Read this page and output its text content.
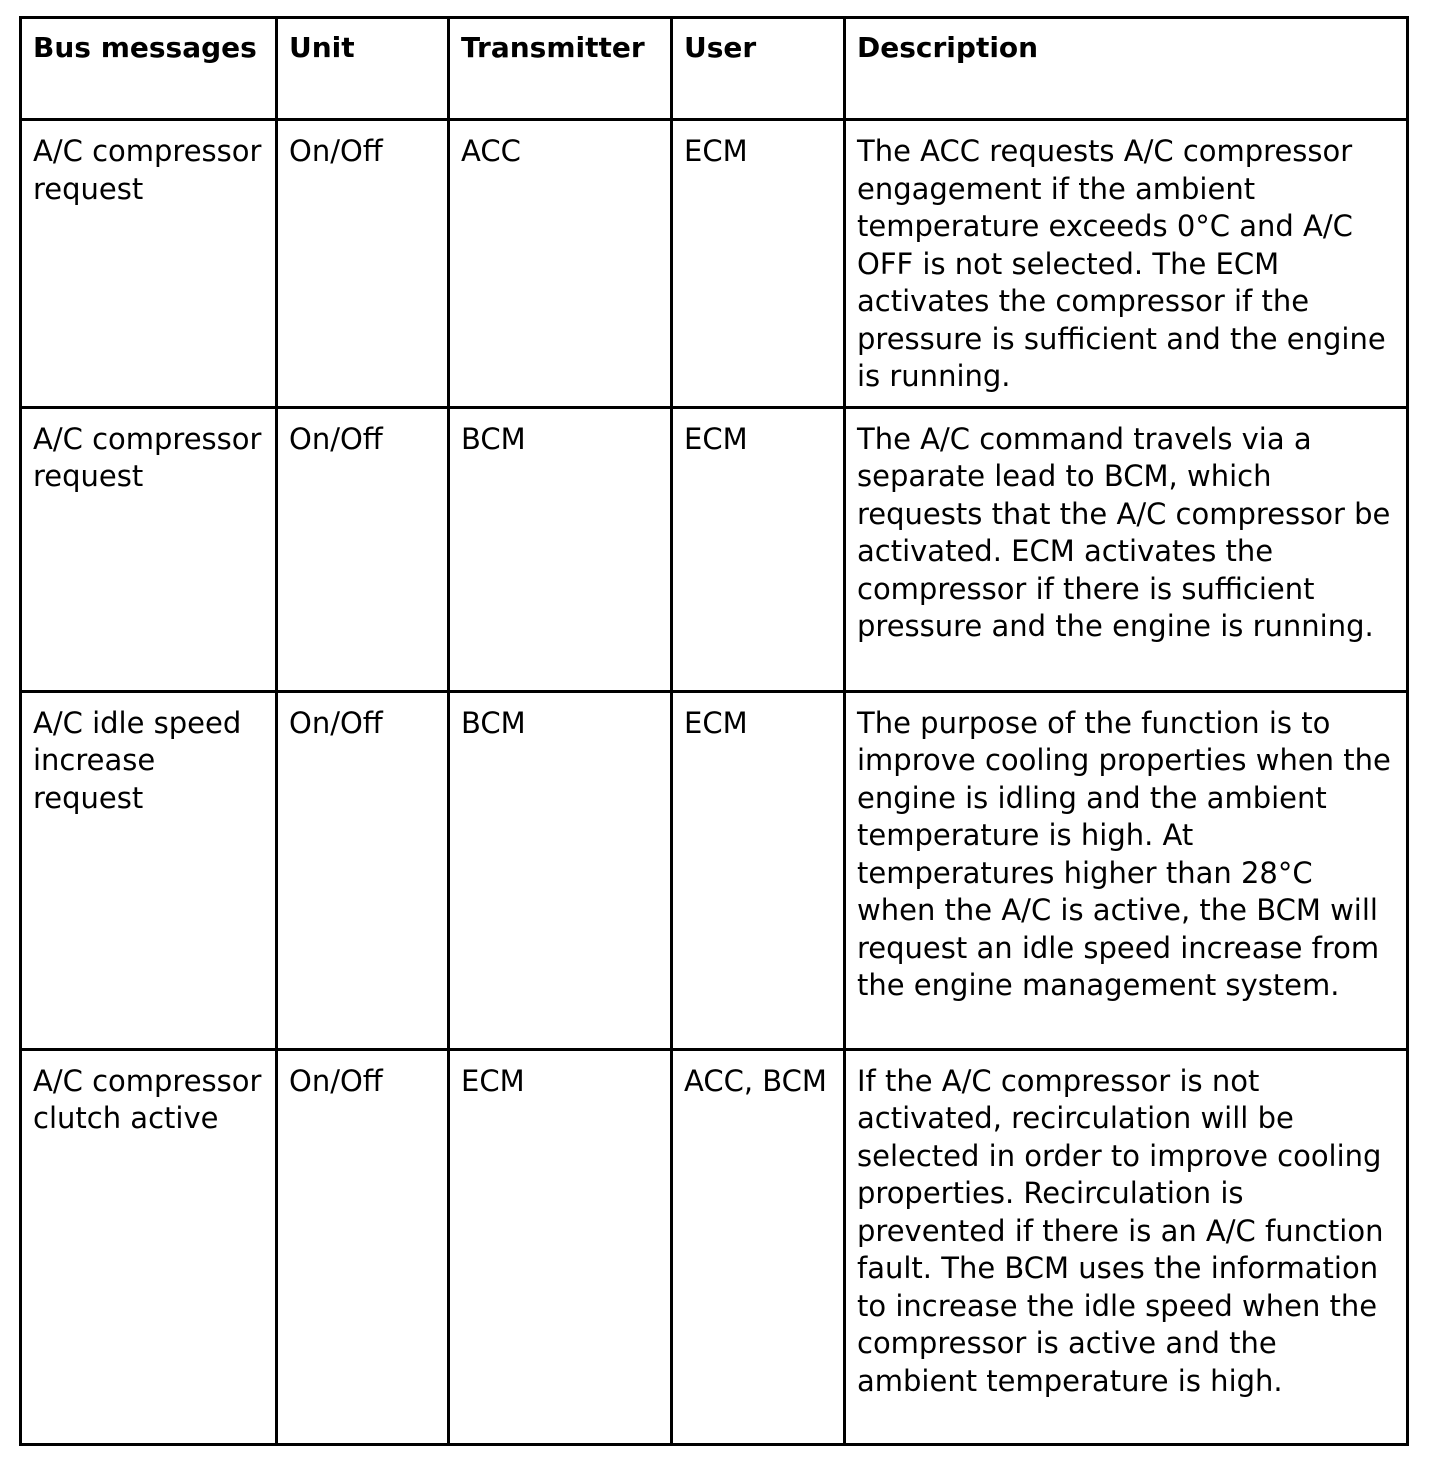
Bus messages	Unit	Transmitter	User	Description
A/C compressor request	On/Off	ACC	ECM	The ACC requests A/C compressor engagement if the ambient temperature exceeds 0°C and A/C OFF is not selected. The ECM activates the compressor if the pressure is sufficient and the engine is running.
A/C compressor request	On/Off	BCM	ECM	The A/C command travels via a separate lead to BCM, which requests that the A/C compressor be activated. ECM activates the compressor if there is sufficient pressure and the engine is running.
A/C idle speed increase request	On/Off	BCM	ECM	The purpose of the function is to improve cooling properties when the engine is idling and the ambient temperature is high. At temperatures higher than 28°C when the A/C is active, the BCM will request an idle speed increase from the engine management system.
A/C compressor clutch active	On/Off	ECM	ACC, BCM	If the A/C compressor is not activated, recirculation will be selected in order to improve cooling properties. Recirculation is prevented if there is an A/C function fault. The BCM uses the information to increase the idle speed when the compressor is active and the ambient temperature is high.
